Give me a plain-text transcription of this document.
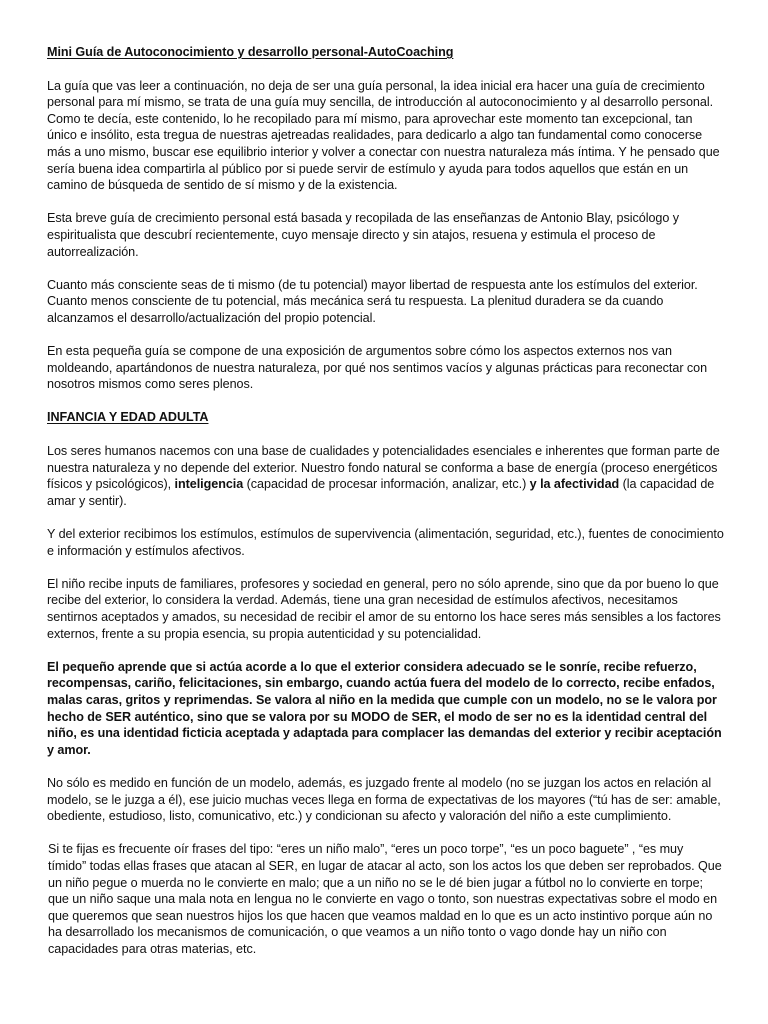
Mini Guía de Autoconocimiento y desarrollo personal-AutoCoaching

La guía que vas leer a continuación, no deja de ser una guía personal, la idea inicial era hacer una guía de crecimiento personal para mí mismo, se trata de una guía muy sencilla, de introducción al autoconocimiento y al desarrollo personal. Como te decía, este contenido, lo he recopilado para mí mismo, para aprovechar este momento tan excepcional, tan único e insólito, esta tregua de nuestras ajetreadas realidades, para dedicarlo a algo tan fundamental como conocerse más a uno mismo, buscar ese equilibrio interior y volver a conectar con nuestra naturaleza más íntima. Y he pensado que sería buena idea compartirla al público por si puede servir de estímulo y ayuda para todos aquellos que están en un camino de búsqueda de sentido de sí mismo y de la existencia.

Esta breve guía de crecimiento personal está basada y recopilada de las enseñanzas de Antonio Blay, psicólogo y espiritualista que descubrí recientemente, cuyo mensaje directo y sin atajos, resuena y estimula el proceso de autorrealización.

Cuanto más consciente seas de ti mismo (de tu potencial) mayor libertad de respuesta ante los estímulos del exterior. Cuanto menos consciente de tu potencial, más mecánica será tu respuesta. La plenitud duradera se da cuando alcanzamos el desarrollo/actualización del propio potencial.

En esta pequeña guía se compone de una exposición de argumentos sobre cómo los aspectos externos nos van moldeando, apartándonos de nuestra naturaleza, por qué nos sentimos vacíos y algunas prácticas para reconectar con nosotros mismos como seres plenos.

INFANCIA Y EDAD ADULTA

Los seres humanos nacemos con una base de cualidades y potencialidades esenciales e inherentes que forman parte de nuestra naturaleza y no depende del exterior. Nuestro fondo natural se conforma a base de energía (proceso energéticos físicos y psicológicos), inteligencia (capacidad de procesar información, analizar, etc.) y la afectividad (la capacidad de amar y sentir).

Y del exterior recibimos los estímulos, estímulos de supervivencia (alimentación, seguridad, etc.), fuentes de conocimiento e información y estímulos afectivos.

El niño recibe inputs de familiares, profesores y sociedad en general, pero no sólo aprende, sino que da por bueno lo que recibe del exterior, lo considera la verdad. Además, tiene una gran necesidad de estímulos afectivos, necesitamos sentirnos aceptados y amados, su necesidad de recibir el amor de su entorno los hace seres más sensibles a los factores externos, frente a su propia esencia, su propia autenticidad y su potencialidad.

El pequeño aprende que si actúa acorde a lo que el exterior considera adecuado se le sonríe, recibe refuerzo, recompensas, cariño, felicitaciones, sin embargo, cuando actúa fuera del modelo de lo correcto, recibe enfados, malas caras, gritos y reprimendas. Se valora al niño en la medida que cumple con un modelo, no se le valora por hecho de SER auténtico, sino que se valora por su MODO de SER, el modo de ser no es la identidad central del niño, es una identidad ficticia aceptada y adaptada para complacer las demandas del exterior y recibir aceptación y amor.

No sólo es medido en función de un modelo, además, es juzgado frente al modelo (no se juzgan los actos en relación al modelo, se le juzga a él), ese juicio muchas veces llega en forma de expectativas de los mayores (“tú has de ser: amable, obediente, estudioso, listo, comunicativo, etc.) y condicionan su afecto y valoración del niño a este cumplimiento.

Si te fijas es frecuente oír frases del tipo: “eres un niño malo”, “eres un poco torpe”, “es un poco baguete” , “es muy tímido” todas ellas frases que atacan al SER, en lugar de atacar al acto, son los actos los que deben ser reprobados. Que un niño pegue o muerda no le convierte en malo; que a un niño no se le dé bien jugar a fútbol no lo convierte en torpe; que un niño saque una mala nota en lengua no le convierte en vago o tonto, son nuestras expectativas sobre el modo en que queremos que sean nuestros hijos los que hacen que veamos maldad en lo que es un acto instintivo porque aún no ha desarrollado los mecanismos de comunicación, o que veamos a un niño tonto o vago donde hay un niño con capacidades para otras materias, etc.
